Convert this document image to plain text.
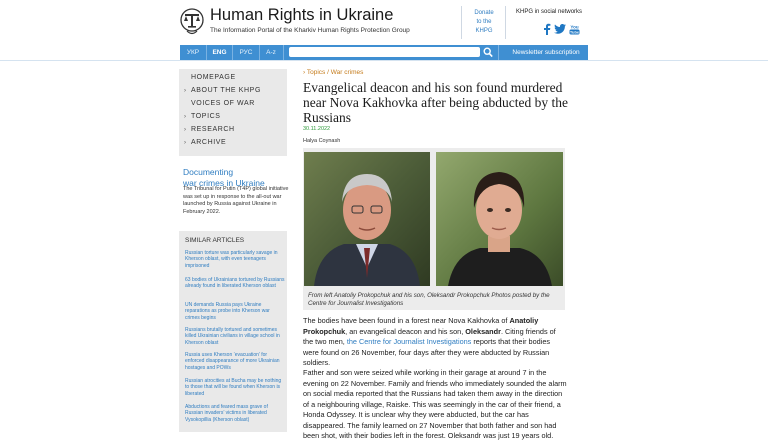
Human Rights in Ukraine
The Information Portal of the Kharkiv Human Rights Protection Group
Donate
to the
KHPG
KHPG in social networks
You
Tube
УКР	ENG	РУС	A-z	Newsletter subscription
HOMEPAGE
› ABOUT THE KHPG
VOICES OF WAR
› TOPICS
› RESEARCH
› ARCHIVE
Documenting
war crimes in Ukraine
The Tribunal for Putin (T4P) global initiative was set up in response to the all-out war launched by Russia against Ukraine in February 2022.
SIMILAR ARTICLES
Russian torture was particularly savage in Kherson oblast, with even teenagers imprisoned
63 bodies of Ukrainians tortured by Russians already found in liberated Kherson oblast
UN demands Russia pays Ukraine reparations as probe into Kherson war crimes begins
Russians brutally tortured and sometimes killed Ukrainian civilians in village school in Kherson oblast
Russia uses Kherson ‘evacuation’ for enforced disappearance of more Ukrainian hostages and POWs
Russian atrocities at Bucha may be nothing to those that will be found when Kherson is liberated
Abductions and feared mass grave of Russian invaders’ victims in liberated Vysokopillia (Kherson oblast)
› Topics / War crimes
Evangelical deacon and his son found murdered near Nova Kakhovka after being abducted by the Russians
30.11.2022
Halya Coynash
From left Anatoliy Prokopchuk and his son, Oleksandr Prokopchuk Photos posted by the Centre for Journalist Investigations
The bodies have been found in a forest near Nova Kakhovka of Anatoliy Prokopchuk, an evangelical deacon and his son, Oleksandr. Citing friends of the two men, the Centre for Journalist Investigations reports that their bodies were found on 26 November, four days after they were abducted by Russian soldiers.
Father and son were seized while working in their garage at around 7 in the evening on 22 November. Family and friends who immediately sounded the alarm on social media reported that the Russians had taken them away in the direction of a neighbouring village, Raiske. This was seemingly in the car of their friend, a Honda Odyssey. It is unclear why they were abducted, but the car has disappeared. The family learned on 27 November that both father and son had been shot, with their bodies left in the forest. Oleksandr was just 19 years old.
